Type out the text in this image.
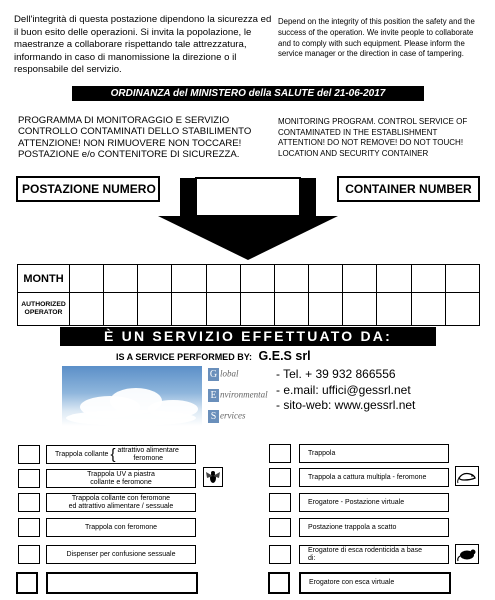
Dell'integrità di questa postazione dipendono la sicurezza ed il buon esito delle operazioni. Si invita la popolazione, le maestranze a collaborare rispettando tale attrezzatura, informando in caso di manomissione la direzione o il responsabile del servizio.
Depend on the integrity of this position the safety and the success of the operation. We invite people to collaborate and to comply with such equipment. Please inform the service manager or the direction in case of tampering.
ORDINANZA del MINISTERO della SALUTE del 21-06-2017
PROGRAMMA DI MONITORAGGIO E SERVIZIO
CONTROLLO CONTAMINATI DELLO STABILIMENTO
ATTENZIONE! NON RIMUOVERE NON TOCCARE!
POSTAZIONE e/o CONTENITORE DI SICUREZZA.
MONITORING PROGRAM. CONTROL SERVICE OF
CONTAMINATED IN THE ESTABLISHMENT
ATTENTION! DO NOT REMOVE! DO NOT TOUCH!
LOCATION AND SECURITY CONTAINER
POSTAZIONE NUMERO	CONTAINER NUMBER
MONTH												

AUTHORIZED
OPERATOR												

È UN SERVIZIO EFFETTUATO DA:
IS A SERVICE PERFORMED BY: G.E.S srl
G lobal
E nvironmental
S ervices
- Tel. + 39 932 866556
- e.mail: uffici@gessrl.net
- sito-web: www.gessrl.net
Trappola collante { attrattivo alimentare
feromone
Trappola UV a piastra
collante e feromone
Trappola collante con feromone
ed attrattivo alimentare / sessuale
Trappola con feromone
Dispenser per confusione sessuale
Trappola
Trappola a cattura multipla - feromone
Erogatore - Postazione virtuale
Postazione trappola a scatto
Erogatore di esca rodenticida a base
di:
Erogatore con esca virtuale
